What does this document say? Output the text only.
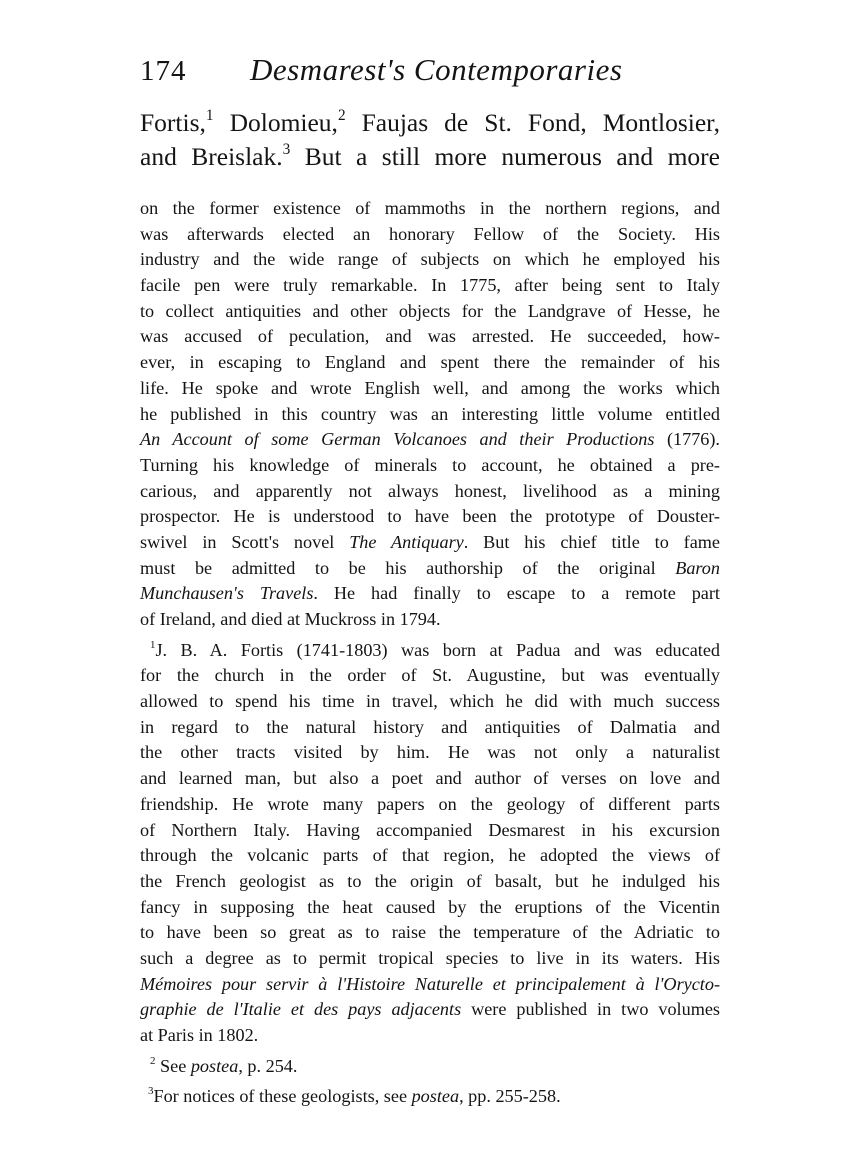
174	Desmarest's Contemporaries
Fortis,$^1$ Dolomieu,$^2$ Faujas de St. Fond, Montlosier,
and Breislak.$^3$ But a still more numerous and more
on the former existence of mammoths in the northern regions, and
was afterwards elected an honorary Fellow of the Society. His
industry and the wide range of subjects on which he employed his
facile pen were truly remarkable. In 1775, after being sent to Italy
to collect antiquities and other objects for the Landgrave of Hesse, he
was accused of peculation, and was arrested. He succeeded, how-
ever, in escaping to England and spent there the remainder of his
life. He spoke and wrote English well, and among the works which
he published in this country was an interesting little volume entitled
An Account of some German Volcanoes and their Productions (1776).
Turning his knowledge of minerals to account, he obtained a pre-
carious, and apparently not always honest, livelihood as a mining
prospector. He is understood to have been the prototype of Douster-
swivel in Scott's novel The Antiquary. But his chief title to fame
must be admitted to be his authorship of the original Baron
Munchausen's Travels. He had finally to escape to a remote part
of Ireland, and died at Muckross in 1794.
$^1$J. B. A. Fortis (1741-1803) was born at Padua and was educated
for the church in the order of St. Augustine, but was eventually
allowed to spend his time in travel, which he did with much success
in regard to the natural history and antiquities of Dalmatia and
the other tracts visited by him. He was not only a naturalist
and learned man, but also a poet and author of verses on love and
friendship. He wrote many papers on the geology of different parts
of Northern Italy. Having accompanied Desmarest in his excursion
through the volcanic parts of that region, he adopted the views of
the French geologist as to the origin of basalt, but he indulged his
fancy in supposing the heat caused by the eruptions of the Vicentin
to have been so great as to raise the temperature of the Adriatic to
such a degree as to permit tropical species to live in its waters. His
Mémoires pour servir à l'Histoire Naturelle et principalement à l'Orycto-
graphie de l'Italie et des pays adjacents were published in two volumes
at Paris in 1802.
$^2$ See postea, p. 254.
$^3$For notices of these geologists, see postea, pp. 255-258.
